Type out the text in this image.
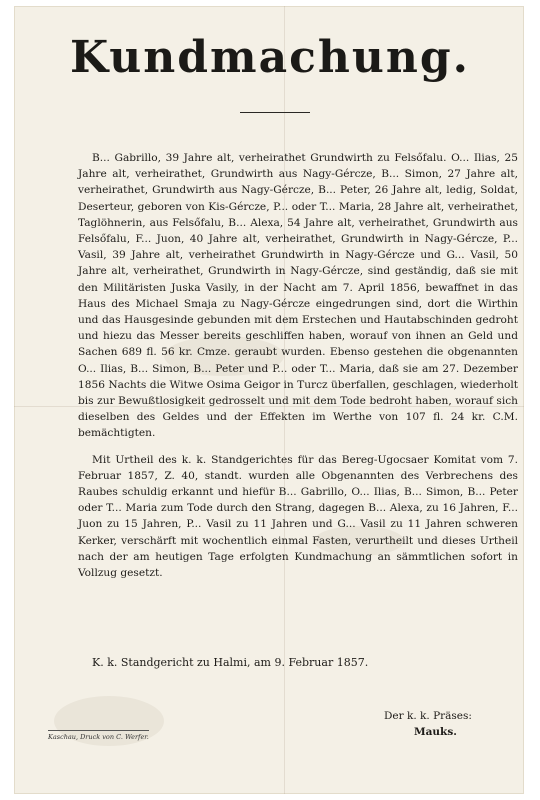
Kundmachung.

B... Gabrillo, 39 Jahre alt, verheirathet Grundwirth zu Felsőfalu. O... Ilias, 25 Jahre alt, verheirathet, Grundwirth aus Nagy-Gércze, B... Simon, 27 Jahre alt, verheirathet, Grundwirth aus Nagy-Gércze, B... Peter, 26 Jahre alt, ledig, Soldat, Deserteur, geboren von Kis-Gércze, P... oder T... Maria, 28 Jahre alt, verheirathet, Taglöhnerin, aus Felsőfalu, B... Alexa, 54 Jahre alt, verheirathet, Grundwirth aus Felsőfalu, F... Juon, 40 Jahre alt, verheirathet, Grundwirth in Nagy-Gércze, P... Vasil, 39 Jahre alt, verheirathet Grundwirth in Nagy-Gércze und G... Vasil, 50 Jahre alt, verheirathet, Grundwirth in Nagy-Gércze, sind geständig, daß sie mit den Militäristen Juska Vasily, in der Nacht am 7. April 1856, bewaffnet in das Haus des Michael Smaja zu Nagy-Gércze eingedrungen sind, dort die Wirthin und das Hausgesinde gebunden mit dem Erstechen und Hautabschinden gedroht und hiezu das Messer bereits geschliffen haben, worauf von ihnen an Geld und Sachen 689 fl. 56 kr. Cmze. geraubt wurden. Ebenso gestehen die obgenannten O... Ilias, B... Simon, B... Peter und P... oder T... Maria, daß sie am 27. Dezember 1856 Nachts die Witwe Osima Geigor in Turcz überfallen, geschlagen, wiederholt bis zur Bewußtlosigkeit gedrosselt und mit dem Tode bedroht haben, worauf sich dieselben des Geldes und der Effekten im Werthe von 107 fl. 24 kr. C.M. bemächtigten.

Mit Urtheil des k. k. Standgerichtes für das Bereg-Ugocsaer Komitat vom 7. Februar 1857, Z. 40, standt. wurden alle Obgenannten des Verbrechens des Raubes schuldig erkannt und hiefür B... Gabrillo, O... Ilias, B... Simon, B... Peter oder T... Maria zum Tode durch den Strang, dagegen B... Alexa, zu 16 Jahren, F... Juon zu 15 Jahren, P... Vasil zu 11 Jahren und G... Vasil zu 11 Jahren schweren Kerker, verschärft mit wochentlich einmal Fasten, verurtheilt und dieses Urtheil nach der am heutigen Tage erfolgten Kundmachung an sämmtlichen sofort in Vollzug gesetzt.

K. k. Standgericht zu Halmi, am 9. Februar 1857.
Kaschau, Druck von C. Werfer.
Der k. k. Präses:
Mauks.
